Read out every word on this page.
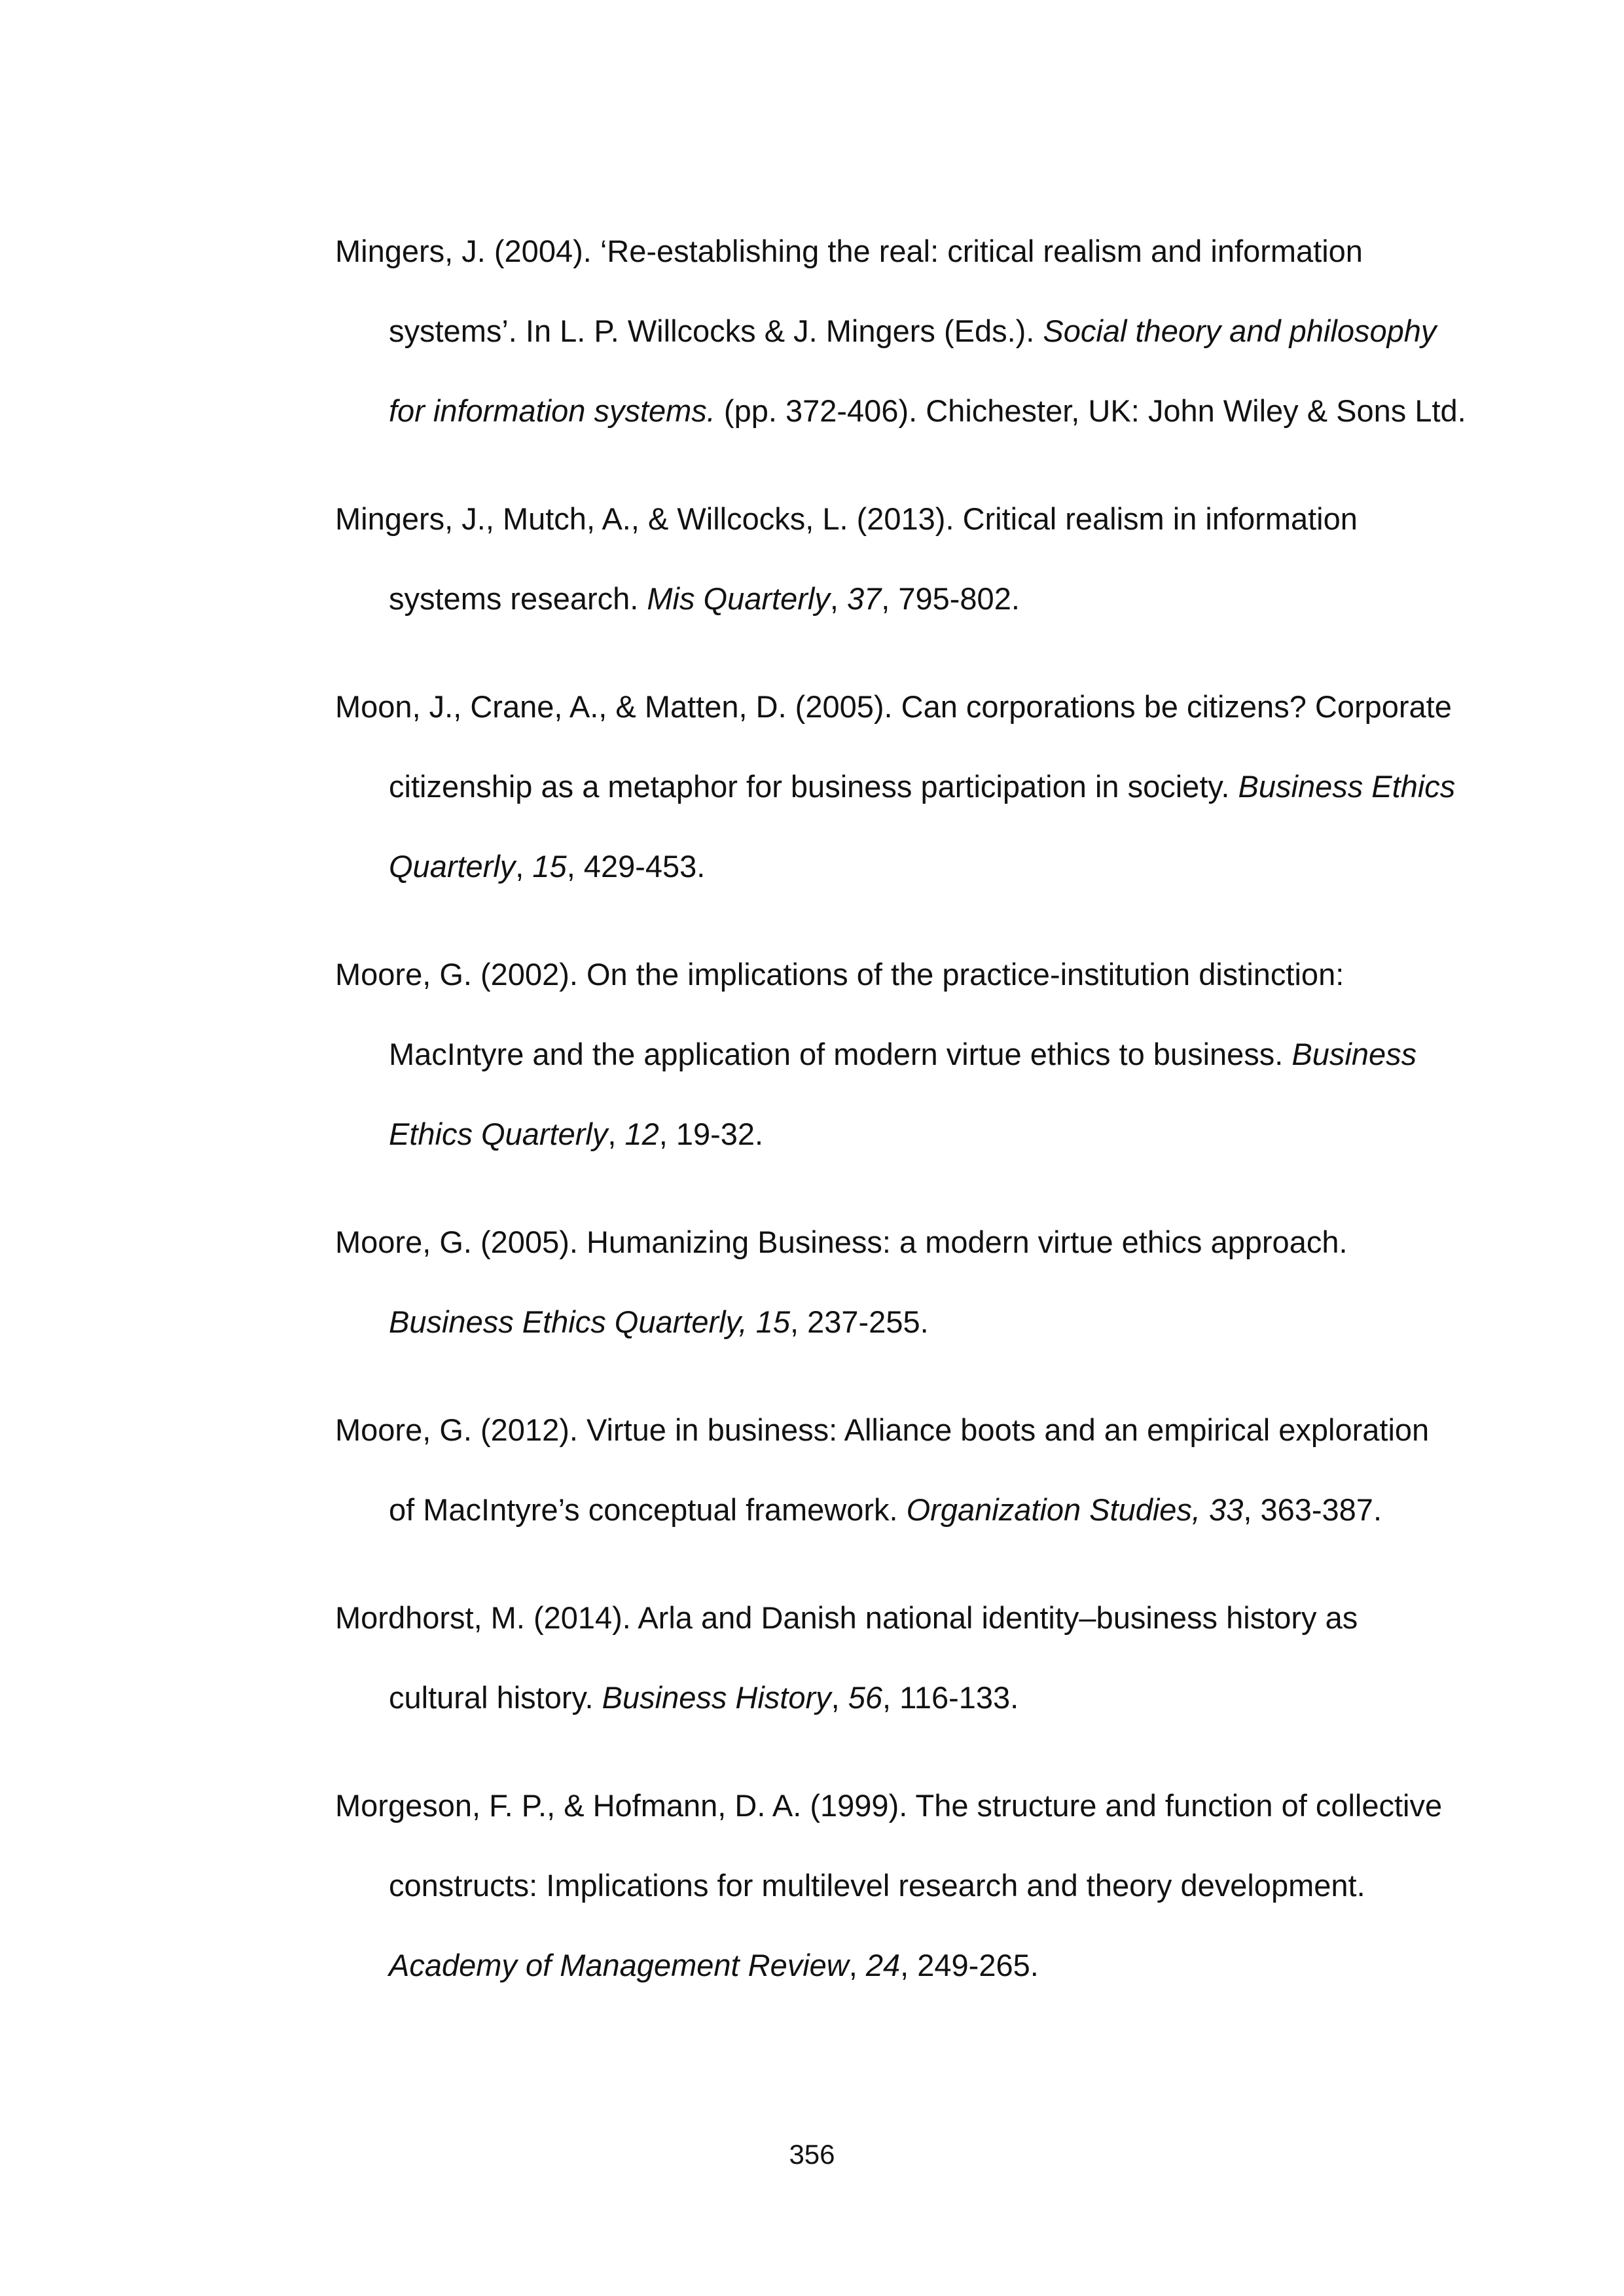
Mingers, J. (2004). ‘Re-establishing the real: critical realism and information
systems’. In L. P. Willcocks & J. Mingers (Eds.). Social theory and philosophy
for information systems. (pp. 372-406). Chichester, UK: John Wiley & Sons Ltd.

Mingers, J., Mutch, A., & Willcocks, L. (2013). Critical realism in information
systems research. Mis Quarterly, 37, 795-802.

Moon, J., Crane, A., & Matten, D. (2005). Can corporations be citizens? Corporate
citizenship as a metaphor for business participation in society. Business Ethics
Quarterly, 15, 429-453.

Moore, G. (2002). On the implications of the practice-institution distinction:
MacIntyre and the application of modern virtue ethics to business. Business
Ethics Quarterly, 12, 19-32.

Moore, G. (2005). Humanizing Business: a modern virtue ethics approach.
Business Ethics Quarterly, 15, 237-255.

Moore, G. (2012). Virtue in business: Alliance boots and an empirical exploration
of MacIntyre’s conceptual framework. Organization Studies, 33, 363-387.

Mordhorst, M. (2014). Arla and Danish national identity–business history as
cultural history. Business History, 56, 116-133.

Morgeson, F. P., & Hofmann, D. A. (1999). The structure and function of collective
constructs: Implications for multilevel research and theory development.
Academy of Management Review, 24, 249-265.

356
